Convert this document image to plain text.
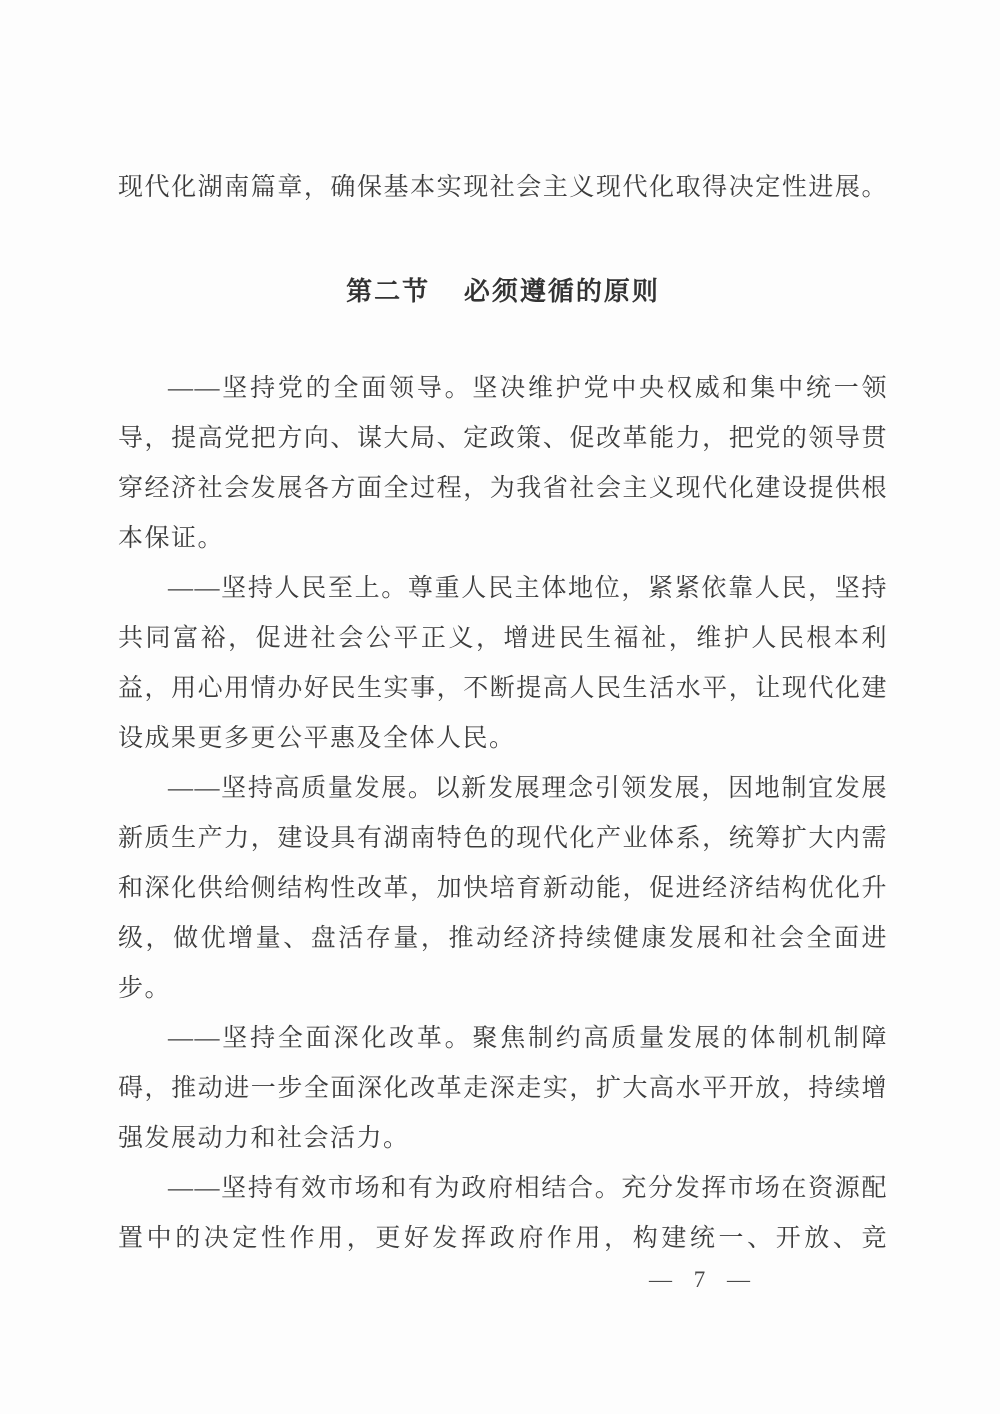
现代化湖南篇章，确保基本实现社会主义现代化取得决定性进展。

第二节 必须遵循的原则

——坚持党的全面领导。坚决维护党中央权威和集中统一领导，提高党把方向、谋大局、定政策、促改革能力，把党的领导贯穿经济社会发展各方面全过程，为我省社会主义现代化建设提供根本保证。

——坚持人民至上。尊重人民主体地位，紧紧依靠人民，坚持共同富裕，促进社会公平正义，增进民生福祉，维护人民根本利益，用心用情办好民生实事，不断提高人民生活水平，让现代化建设成果更多更公平惠及全体人民。

——坚持高质量发展。以新发展理念引领发展，因地制宜发展新质生产力，建设具有湖南特色的现代化产业体系，统筹扩大内需和深化供给侧结构性改革，加快培育新动能，促进经济结构优化升级，做优增量、盘活存量，推动经济持续健康发展和社会全面进步。

——坚持全面深化改革。聚焦制约高质量发展的体制机制障碍，推动进一步全面深化改革走深走实，扩大高水平开放，持续增强发展动力和社会活力。

——坚持有效市场和有为政府相结合。充分发挥市场在资源配置中的决定性作用，更好发挥政府作用，构建统一、开放、竞

— 7 —
